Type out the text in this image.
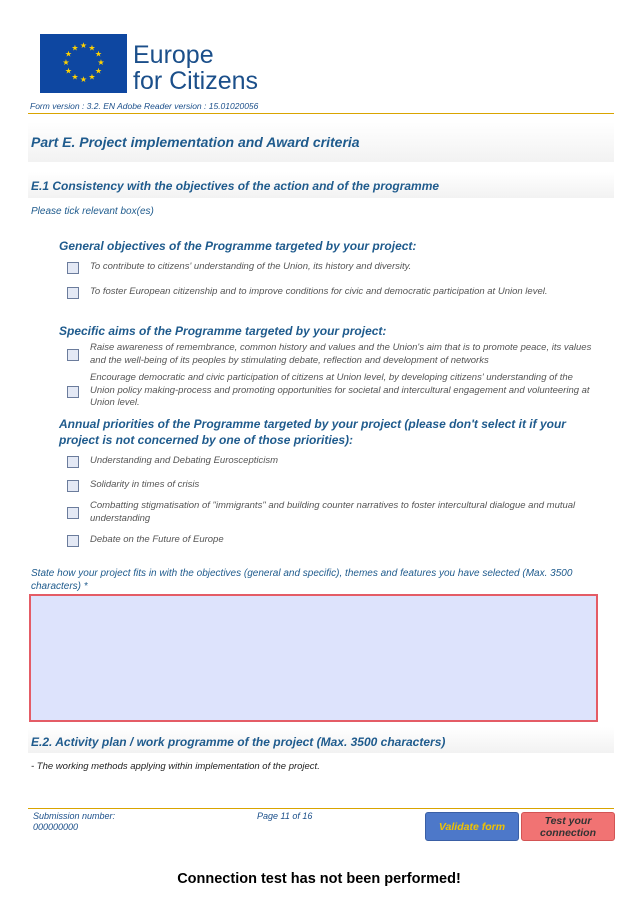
★ ★
★
★
★
★
★
★
★
★
★
★ Europe
for Citizens
Form version : 3.2. EN Adobe Reader version : 15.01020056
Part E. Project implementation and Award criteria
E.1 Consistency with the objectives of the action and of the programme
Please tick relevant box(es)
General objectives of the Programme targeted by your project:
To contribute to citizens' understanding of the Union, its history and diversity.
To foster European citizenship and to improve conditions for civic and democratic participation at Union level.
Specific aims of the Programme targeted by your project:
Raise awareness of remembrance, common history and values and the Union's aim that is to promote peace, its values and the well-being of its peoples by stimulating debate, reflection and development of networks
Encourage democratic and civic participation of citizens at Union level, by developing citizens' understanding of the Union policy making-process and promoting opportunities for societal and intercultural engagement and volunteering at Union level.
Annual priorities of the Programme targeted by your project (please don't select it if your project is not concerned by one of those priorities):
Understanding and Debating Euroscepticism
Solidarity in times of crisis
Combatting stigmatisation of "immigrants" and building counter narratives to foster intercultural dialogue and mutual understanding
Debate on the Future of Europe
State how your project fits in with the objectives (general and specific), themes and features you have selected (Max. 3500 characters) *
E.2. Activity plan / work programme of the project (Max. 3500 characters)
- The working methods applying within implementation of the project.
Submission number:
000000000
Page 11 of 16
Validate form	Test your connection
Connection test has not been performed!
